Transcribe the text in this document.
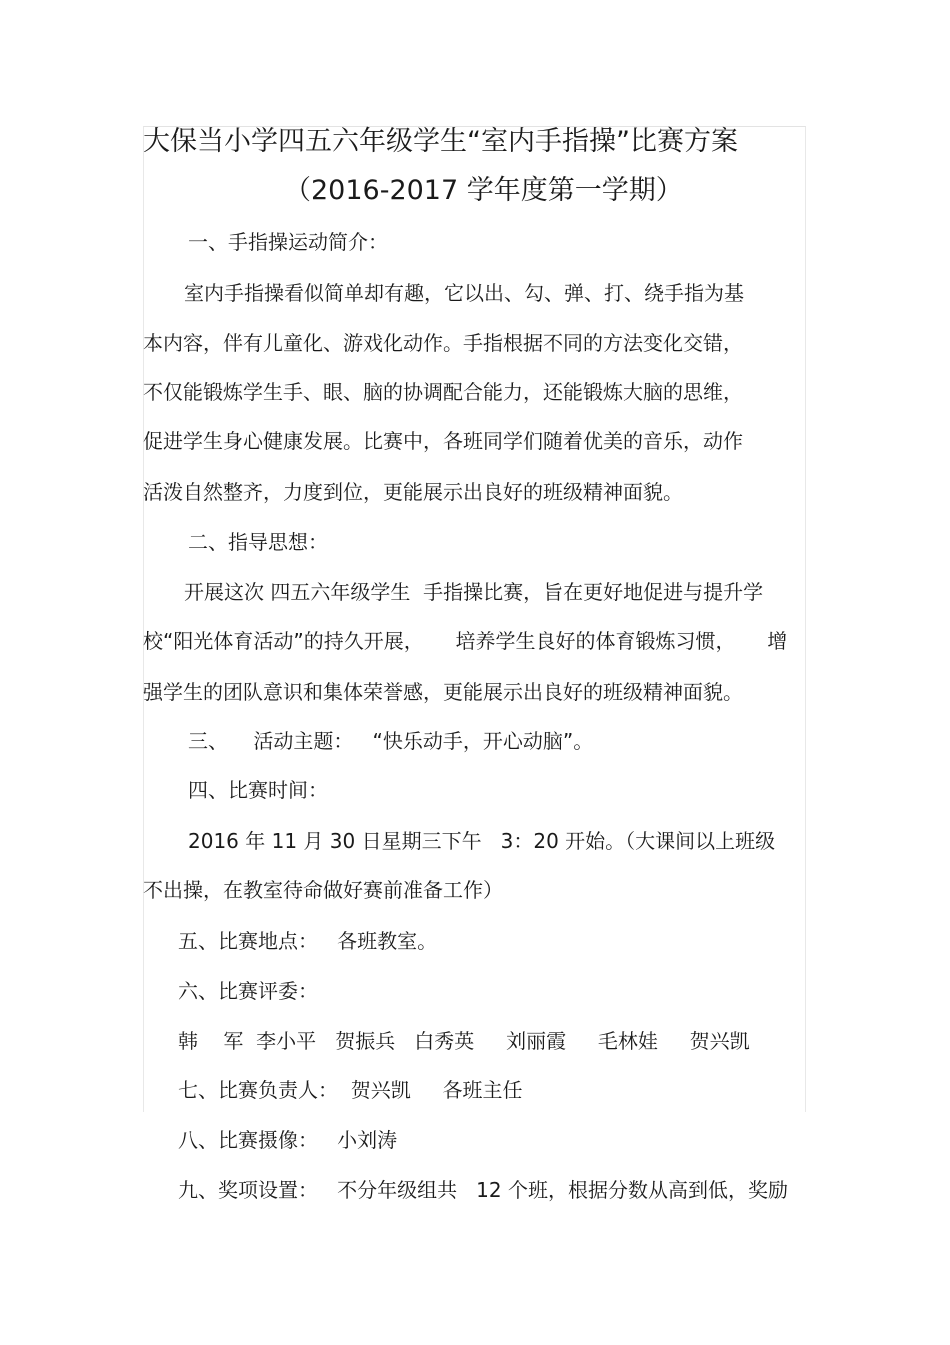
大保当小学四五六年级学生“室内手指操”比赛方案
（2016-2017 学年度第一学期）
一、手指操运动简介：
室内手指操看似简单却有趣，它以出、勾、弹、打、绕手指为基
本内容，伴有儿童化、游戏化动作。手指根据不同的方法变化交错，
不仅能锻炼学生手、眼、脑的协调配合能力，还能锻炼大脑的思维，
促进学生身心健康发展。比赛中，各班同学们随着优美的音乐，动作
活泼自然整齐，力度到位，更能展示出良好的班级精神面貌。
二、指导思想：
开展这次 四五六年级学生  手指操比赛，旨在更好地促进与提升学
校“阳光体育活动”的持久开展，     培养学生良好的体育锻炼习惯，     增
强学生的团队意识和集体荣誉感，更能展示出良好的班级精神面貌。
三、    活动主题：   “快乐动手，开心动脑”。
四、比赛时间：
2016 年 11 月 30 日星期三下午   3：20 开始。（大课间以上班级
不出操，在教室待命做好赛前准备工作）
五、比赛地点：   各班教室。
六、比赛评委：
韩    军  李小平   贺振兵   白秀英     刘丽霞     毛林娃     贺兴凯
七、比赛负责人：  贺兴凯     各班主任
八、比赛摄像：   小刘涛
九、奖项设置：   不分年级组共   12 个班，根据分数从高到低，奖励
